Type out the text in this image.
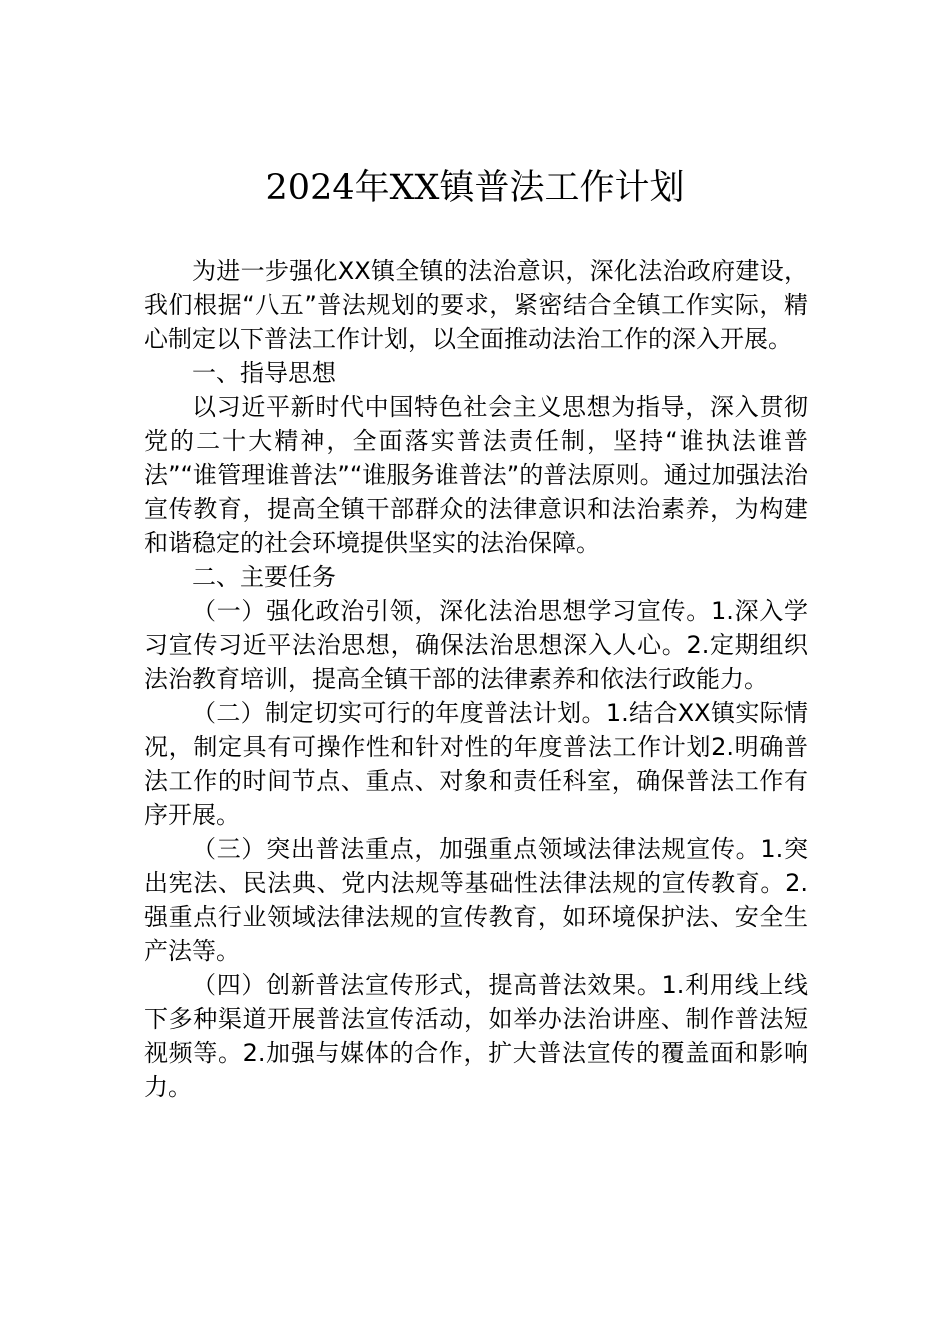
2024年XX镇普法工作计划

为进一步强化XX镇全镇的法治意识，深化法治政府建设，我们根据“八五”普法规划的要求，紧密结合全镇工作实际，精心制定以下普法工作计划，以全面推动法治工作的深入开展。

一、指导思想

以习近平新时代中国特色社会主义思想为指导，深入贯彻党的二十大精神，全面落实普法责任制，坚持“谁执法谁普法”“谁管理谁普法”“谁服务谁普法”的普法原则。通过加强法治宣传教育，提高全镇干部群众的法律意识和法治素养，为构建和谐稳定的社会环境提供坚实的法治保障。

二、主要任务

（一）强化政治引领，深化法治思想学习宣传。1.深入学习宣传习近平法治思想，确保法治思想深入人心。2.定期组织法治教育培训，提高全镇干部的法律素养和依法行政能力。

（二）制定切实可行的年度普法计划。1.结合XX镇实际情况，制定具有可操作性和针对性的年度普法工作计划2.明确普法工作的时间节点、重点、对象和责任科室，确保普法工作有序开展。

（三）突出普法重点，加强重点领域法律法规宣传。1.突出宪法、民法典、党内法规等基础性法律法规的宣传教育。2.强重点行业领域法律法规的宣传教育，如环境保护法、安全生产法等。

（四）创新普法宣传形式，提高普法效果。1.利用线上线下多种渠道开展普法宣传活动，如举办法治讲座、制作普法短视频等。2.加强与媒体的合作，扩大普法宣传的覆盖面和影响力。
